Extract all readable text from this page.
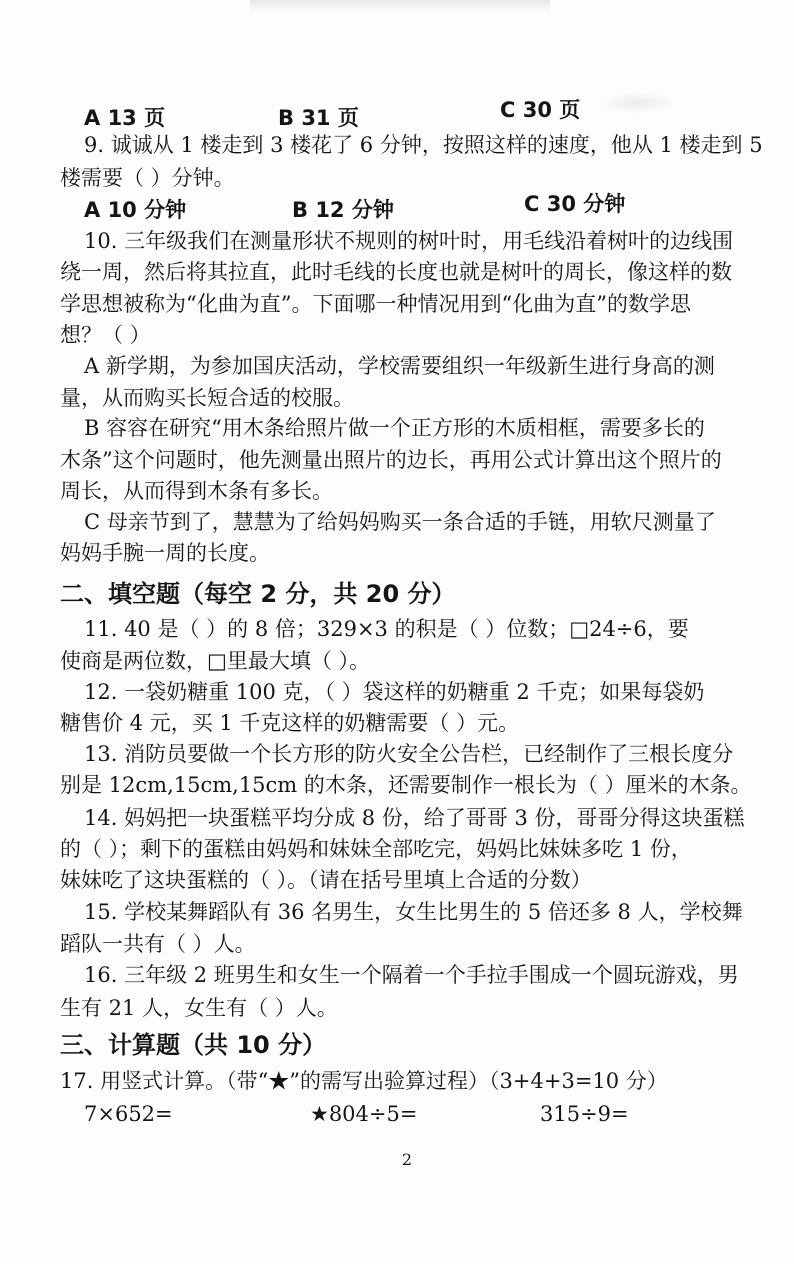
A 13 页	B 31 页	C 30 页
9. 诚诚从 1 楼走到 3 楼花了 6 分钟，按照这样的速度，他从 1 楼走到 5
楼需要（ ）分钟。
A 10 分钟	B 12 分钟	C 30 分钟
10. 三年级我们在测量形状不规则的树叶时，用毛线沿着树叶的边线围
绕一周，然后将其拉直，此时毛线的长度也就是树叶的周长，像这样的数
学思想被称为“化曲为直”。下面哪一种情况用到“化曲为直”的数学思
想？（ ）
A 新学期，为参加国庆活动，学校需要组织一年级新生进行身高的测
量，从而购买长短合适的校服。
B 容容在研究“用木条给照片做一个正方形的木质相框，需要多长的
木条”这个问题时，他先测量出照片的边长，再用公式计算出这个照片的
周长，从而得到木条有多长。
C 母亲节到了，慧慧为了给妈妈购买一条合适的手链，用软尺测量了
妈妈手腕一周的长度。
二、填空题（每空 2 分，共 20 分）
11. 40 是（ ）的 8 倍；329×3 的积是（ ）位数；□24÷6，要
使商是两位数，□里最大填（ ）。
12. 一袋奶糖重 100 克，（ ）袋这样的奶糖重 2 千克；如果每袋奶
糖售价 4 元，买 1 千克这样的奶糖需要（ ）元。
13. 消防员要做一个长方形的防火安全公告栏，已经制作了三根长度分
别是 12cm,15cm,15cm 的木条，还需要制作一根长为（ ）厘米的木条。
14. 妈妈把一块蛋糕平均分成 8 份，给了哥哥 3 份，哥哥分得这块蛋糕
的（ ）；剩下的蛋糕由妈妈和妹妹全部吃完，妈妈比妹妹多吃 1 份，
妹妹吃了这块蛋糕的（ ）。（请在括号里填上合适的分数）
15. 学校某舞蹈队有 36 名男生，女生比男生的 5 倍还多 8 人，学校舞
蹈队一共有（ ）人。
16. 三年级 2 班男生和女生一个隔着一个手拉手围成一个圆玩游戏，男
生有 21 人，女生有（ ）人。
三、计算题（共 10 分）
17. 用竖式计算。（带“★”的需写出验算过程）（3+4+3=10 分）
7×652=	★804÷5=	315÷9=
2
